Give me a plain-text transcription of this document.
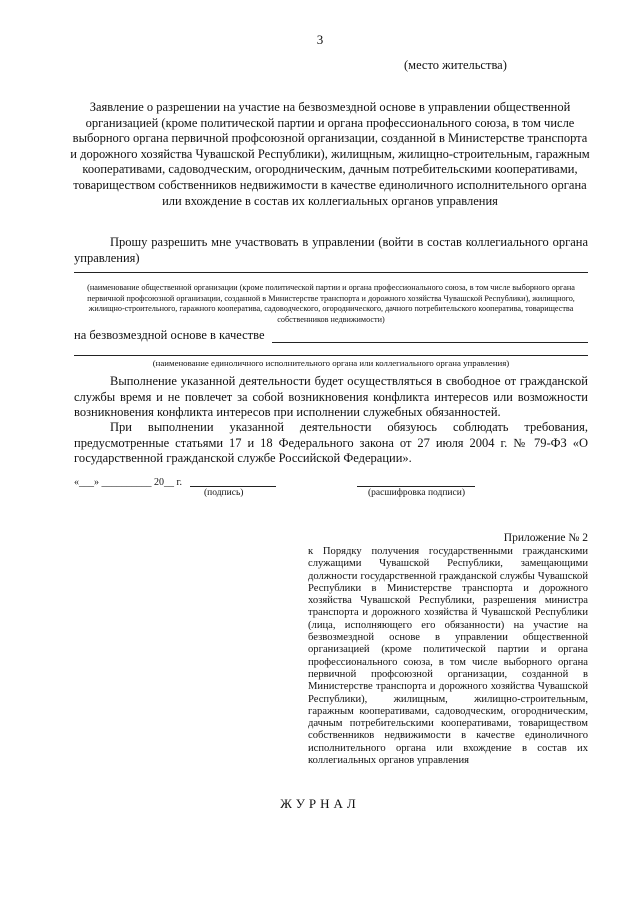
3
(место жительства)
Заявление о разрешении на участие на безвозмездной основе в управлении общественной организацией (кроме политической партии и органа профессионального союза, в том числе выборного органа первичной профсоюзной организации, созданной в Министерстве транспорта и дорожного хозяйства Чувашской Республики), жилищным, жилищно-строительным, гаражным кооперативами, садоводческим, огородническим, дачным потребительскими кооперативами, товариществом собственников недвижимости в качестве единоличного исполнительного органа или вхождение в состав их коллегиальных органов управления
Прошу разрешить мне участвовать в управлении (войти в состав коллегиального органа управления)
(наименование общественной организации (кроме политической партии и органа профессионального союза, в том числе выборного органа первичной профсоюзной организации, созданной в Министерстве транспорта и дорожного хозяйства Чувашской Республики), жилищного, жилищно-строительного, гаражного кооператива, садоводческого, огороднического, дачного потребительского кооператива, товарищества собственников недвижимости)
на безвозмездной основе в качестве
(наименование единоличного исполнительного органа или коллегиального органа управления)
Выполнение указанной деятельности будет осуществляться в свободное от гражданской службы время и не повлечет за собой возникновения конфликта интересов или возможности возникновения конфликта интересов при исполнении служебных обязанностей.
При выполнении указанной деятельности обязуюсь соблюдать требования, предусмотренные статьями 17 и 18 Федерального закона от 27 июля 2004 г. № 79-ФЗ «О государственной гражданской службе Российской Федерации».
«___» __________ 20__ г.
(подпись)	(расшифровка подписи)
Приложение № 2
к Порядку получения государственными гражданскими служащими Чувашской Республики, замещающими должности государственной гражданской службы Чувашской Республики в Министерстве транспорта и дорожного хозяйства Чувашской Республики, разрешения министра транспорта и дорожного хозяйства й Чувашской Республики (лица, исполняющего его обязанности) на участие на безвозмездной основе в управлении общественной организацией (кроме политической партии и органа профессионального союза, в том числе выборного органа первичной профсоюзной организации, созданной в Министерстве транспорта и дорожного хозяйства Чувашской Республики), жилищным, жилищно-строительным, гаражным кооперативами, садоводческим, огородническим, дачным потребительскими кооперативами, товариществом собственников недвижимости в качестве единоличного исполнительного органа или вхождение в состав их коллегиальных органов управления
ЖУРНАЛ
